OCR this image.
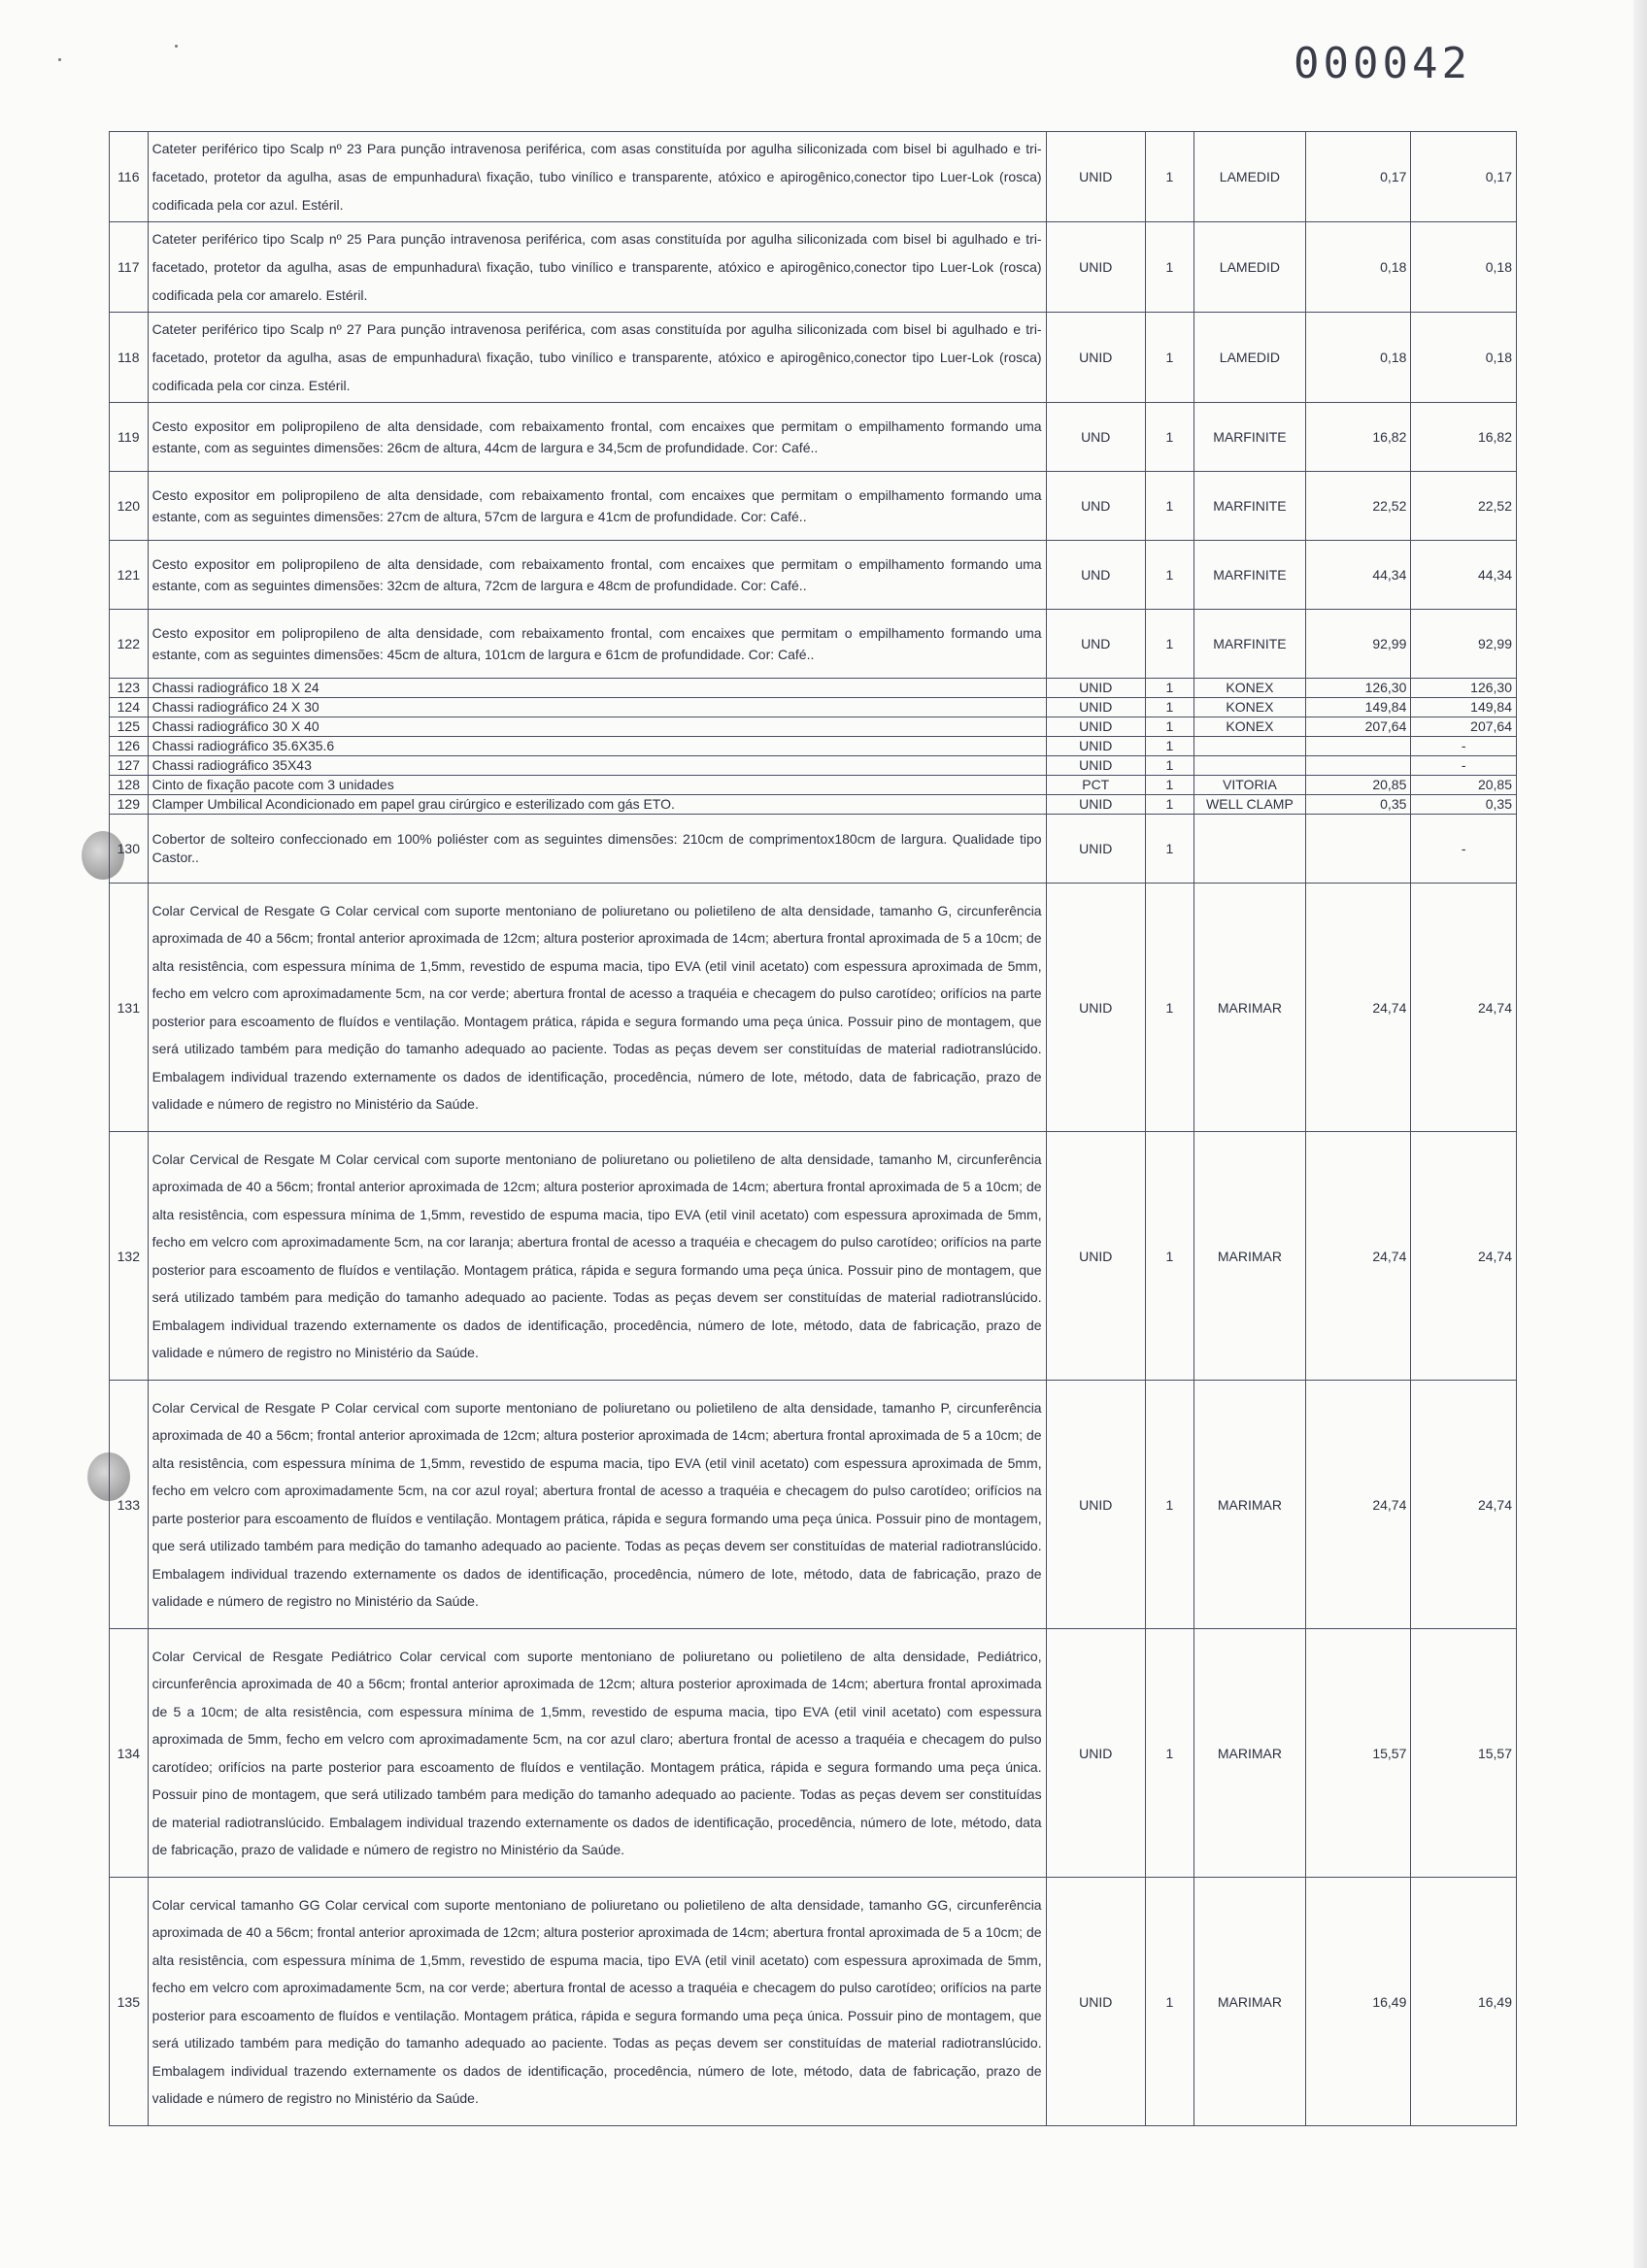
000042
116	Cateter periférico tipo Scalp nº 23 Para punção intravenosa periférica, com asas constituída por agulha siliconizada com bisel bi agulhado e tri-facetado, protetor da agulha, asas de empunhadura\ fixação, tubo vinílico e transparente, atóxico e apirogênico,conector tipo Luer-Lok (rosca) codificada pela cor azul. Estéril.	UNID	1	LAMEDID	0,17	0,17
117	Cateter periférico tipo Scalp nº 25 Para punção intravenosa periférica, com asas constituída por agulha siliconizada com bisel bi agulhado e tri-facetado, protetor da agulha, asas de empunhadura\ fixação, tubo vinílico e transparente, atóxico e apirogênico,conector tipo Luer-Lok (rosca) codificada pela cor amarelo. Estéril.	UNID	1	LAMEDID	0,18	0,18
118	Cateter periférico tipo Scalp nº 27 Para punção intravenosa periférica, com asas constituída por agulha siliconizada com bisel bi agulhado e tri-facetado, protetor da agulha, asas de empunhadura\ fixação, tubo vinílico e transparente, atóxico e apirogênico,conector tipo Luer-Lok (rosca) codificada pela cor cinza. Estéril.	UNID	1	LAMEDID	0,18	0,18
119	Cesto expositor em polipropileno de alta densidade, com rebaixamento frontal, com encaixes que permitam o empilhamento formando uma estante, com as seguintes dimensões: 26cm de altura, 44cm de largura e 34,5cm de profundidade. Cor: Café..	UND	1	MARFINITE	16,82	16,82
120	Cesto expositor em polipropileno de alta densidade, com rebaixamento frontal, com encaixes que permitam o empilhamento formando uma estante, com as seguintes dimensões: 27cm de altura, 57cm de largura e 41cm de profundidade. Cor: Café..	UND	1	MARFINITE	22,52	22,52
121	Cesto expositor em polipropileno de alta densidade, com rebaixamento frontal, com encaixes que permitam o empilhamento formando uma estante, com as seguintes dimensões: 32cm de altura, 72cm de largura e 48cm de profundidade. Cor: Café..	UND	1	MARFINITE	44,34	44,34
122	Cesto expositor em polipropileno de alta densidade, com rebaixamento frontal, com encaixes que permitam o empilhamento formando uma estante, com as seguintes dimensões: 45cm de altura, 101cm de largura e 61cm de profundidade. Cor: Café..	UND	1	MARFINITE	92,99	92,99
123	Chassi radiográfico 18 X 24	UNID	1	KONEX	126,30	126,30
124	Chassi radiográfico 24 X 30	UNID	1	KONEX	149,84	149,84
125	Chassi radiográfico 30 X 40	UNID	1	KONEX	207,64	207,64
126	Chassi radiográfico 35.6X35.6	UNID	1			-
127	Chassi radiográfico 35X43	UNID	1			-
128	Cinto de fixação pacote com 3 unidades	PCT	1	VITORIA	20,85	20,85
129	Clamper Umbilical Acondicionado em papel grau cirúrgico e esterilizado com gás ETO.	UNID	1	WELL CLAMP	0,35	0,35
130	Cobertor de solteiro confeccionado em 100% poliéster com as seguintes dimensões: 210cm de comprimentox180cm de largura. Qualidade tipo Castor..	UNID	1			-
131	Colar Cervical de Resgate G Colar cervical com suporte mentoniano de poliuretano ou polietileno de alta densidade, tamanho G, circunferência aproximada de 40 a 56cm; frontal anterior aproximada de 12cm; altura posterior aproximada de 14cm; abertura frontal aproximada de 5 a 10cm; de alta resistência, com espessura mínima de 1,5mm, revestido de espuma macia, tipo EVA (etil vinil acetato) com espessura aproximada de 5mm, fecho em velcro com aproximadamente 5cm, na cor verde; abertura frontal de acesso a traquéia e checagem do pulso carotídeo; orifícios na parte posterior para escoamento de fluídos e ventilação. Montagem prática, rápida e segura formando uma peça única. Possuir pino de montagem, que será utilizado também para medição do tamanho adequado ao paciente. Todas as peças devem ser constituídas de material radiotranslúcido. Embalagem individual trazendo externamente os dados de identificação, procedência, número de lote, método, data de fabricação, prazo de validade e número de registro no Ministério da Saúde.	UNID	1	MARIMAR	24,74	24,74
132	Colar Cervical de Resgate M Colar cervical com suporte mentoniano de poliuretano ou polietileno de alta densidade, tamanho M, circunferência aproximada de 40 a 56cm; frontal anterior aproximada de 12cm; altura posterior aproximada de 14cm; abertura frontal aproximada de 5 a 10cm; de alta resistência, com espessura mínima de 1,5mm, revestido de espuma macia, tipo EVA (etil vinil acetato) com espessura aproximada de 5mm, fecho em velcro com aproximadamente 5cm, na cor laranja; abertura frontal de acesso a traquéia e checagem do pulso carotídeo; orifícios na parte posterior para escoamento de fluídos e ventilação. Montagem prática, rápida e segura formando uma peça única. Possuir pino de montagem, que será utilizado também para medição do tamanho adequado ao paciente. Todas as peças devem ser constituídas de material radiotranslúcido. Embalagem individual trazendo externamente os dados de identificação, procedência, número de lote, método, data de fabricação, prazo de validade e número de registro no Ministério da Saúde.	UNID	1	MARIMAR	24,74	24,74
133	Colar Cervical de Resgate P Colar cervical com suporte mentoniano de poliuretano ou polietileno de alta densidade, tamanho P, circunferência aproximada de 40 a 56cm; frontal anterior aproximada de 12cm; altura posterior aproximada de 14cm; abertura frontal aproximada de 5 a 10cm; de alta resistência, com espessura mínima de 1,5mm, revestido de espuma macia, tipo EVA (etil vinil acetato) com espessura aproximada de 5mm, fecho em velcro com aproximadamente 5cm, na cor azul royal; abertura frontal de acesso a traquéia e checagem do pulso carotídeo; orifícios na parte posterior para escoamento de fluídos e ventilação. Montagem prática, rápida e segura formando uma peça única. Possuir pino de montagem, que será utilizado também para medição do tamanho adequado ao paciente. Todas as peças devem ser constituídas de material radiotranslúcido. Embalagem individual trazendo externamente os dados de identificação, procedência, número de lote, método, data de fabricação, prazo de validade e número de registro no Ministério da Saúde.	UNID	1	MARIMAR	24,74	24,74
134	Colar Cervical de Resgate Pediátrico Colar cervical com suporte mentoniano de poliuretano ou polietileno de alta densidade, Pediátrico, circunferência aproximada de 40 a 56cm; frontal anterior aproximada de 12cm; altura posterior aproximada de 14cm; abertura frontal aproximada de 5 a 10cm; de alta resistência, com espessura mínima de 1,5mm, revestido de espuma macia, tipo EVA (etil vinil acetato) com espessura aproximada de 5mm, fecho em velcro com aproximadamente 5cm, na cor azul claro; abertura frontal de acesso a traquéia e checagem do pulso carotídeo; orifícios na parte posterior para escoamento de fluídos e ventilação. Montagem prática, rápida e segura formando uma peça única. Possuir pino de montagem, que será utilizado também para medição do tamanho adequado ao paciente. Todas as peças devem ser constituídas de material radiotranslúcido. Embalagem individual trazendo externamente os dados de identificação, procedência, número de lote, método, data de fabricação, prazo de validade e número de registro no Ministério da Saúde.	UNID	1	MARIMAR	15,57	15,57
135	Colar cervical tamanho GG Colar cervical com suporte mentoniano de poliuretano ou polietileno de alta densidade, tamanho GG, circunferência aproximada de 40 a 56cm; frontal anterior aproximada de 12cm; altura posterior aproximada de 14cm; abertura frontal aproximada de 5 a 10cm; de alta resistência, com espessura mínima de 1,5mm, revestido de espuma macia, tipo EVA (etil vinil acetato) com espessura aproximada de 5mm, fecho em velcro com aproximadamente 5cm, na cor verde; abertura frontal de acesso a traquéia e checagem do pulso carotídeo; orifícios na parte posterior para escoamento de fluídos e ventilação. Montagem prática, rápida e segura formando uma peça única. Possuir pino de montagem, que será utilizado também para medição do tamanho adequado ao paciente. Todas as peças devem ser constituídas de material radiotranslúcido. Embalagem individual trazendo externamente os dados de identificação, procedência, número de lote, método, data de fabricação, prazo de validade e número de registro no Ministério da Saúde.	UNID	1	MARIMAR	16,49	16,49
